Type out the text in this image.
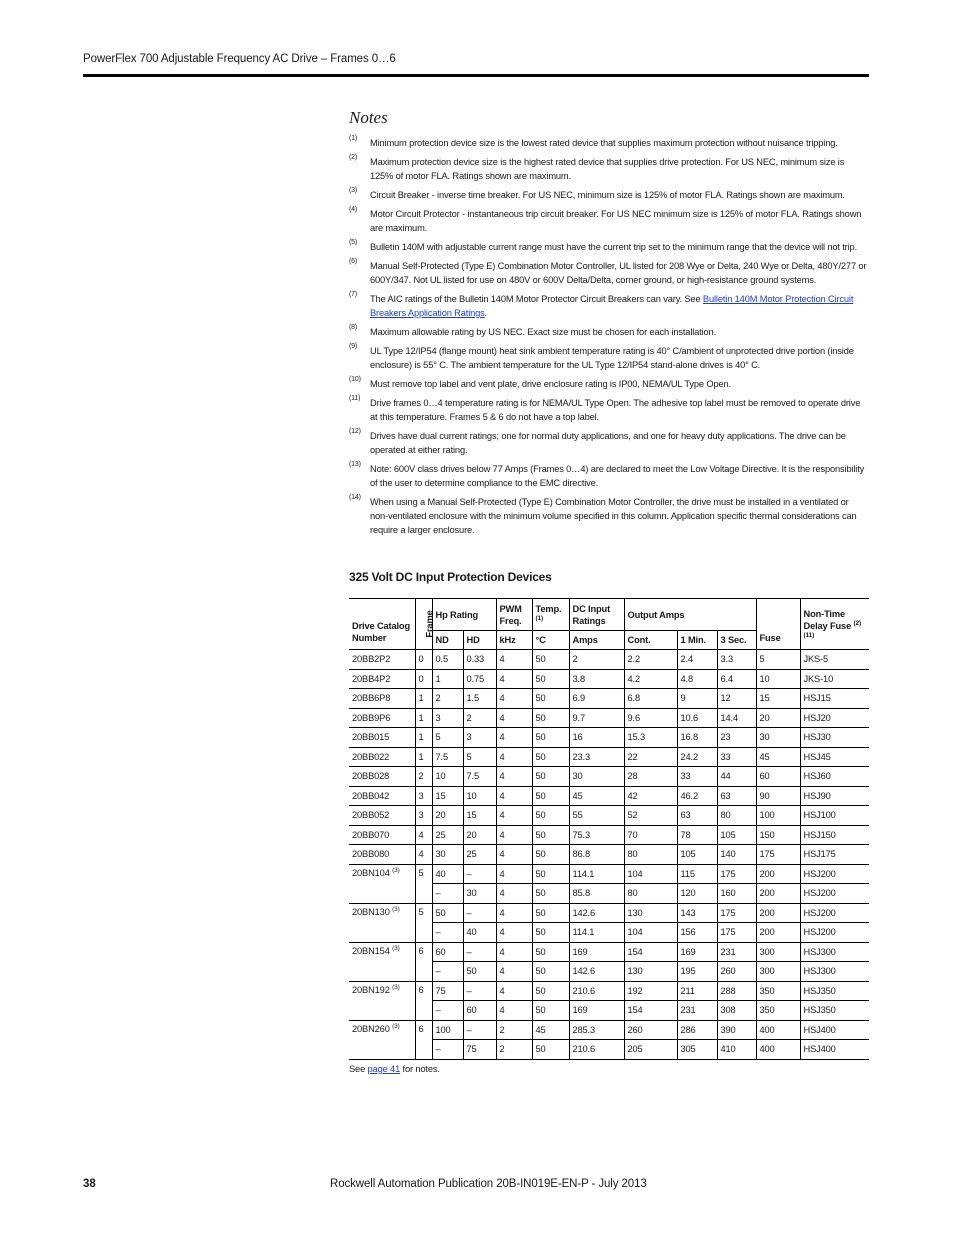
PowerFlex 700 Adjustable Frequency AC Drive – Frames 0…6
Notes
(1)	Minimum protection device size is the lowest rated device that supplies maximum protection without nuisance tripping.
(2)	Maximum protection device size is the highest rated device that supplies drive protection. For US NEC, minimum size is 125% of motor FLA. Ratings shown are maximum.
(3)	Circuit Breaker - inverse time breaker. For US NEC, minimum size is 125% of motor FLA. Ratings shown are maximum.
(4)	Motor Circuit Protector - instantaneous trip circuit breaker. For US NEC minimum size is 125% of motor FLA. Ratings shown are maximum.
(5)	Bulletin 140M with adjustable current range must have the current trip set to the minimum range that the device will not trip.
(6)	Manual Self-Protected (Type E) Combination Motor Controller, UL listed for 208 Wye or Delta, 240 Wye or Delta, 480Y/277 or 600Y/347. Not UL listed for use on 480V or 600V Delta/Delta, corner ground, or high-resistance ground systems.
(7)	The AIC ratings of the Bulletin 140M Motor Protector Circuit Breakers can vary. See Bulletin 140M Motor Protection Circuit Breakers Application Ratings.
(8)	Maximum allowable rating by US NEC. Exact size must be chosen for each installation.
(9)	UL Type 12/IP54 (flange mount) heat sink ambient temperature rating is 40° C/ambient of unprotected drive portion (inside enclosure) is 55° C. The ambient temperature for the UL Type 12/IP54 stand-alone drives is 40° C.
(10) Must remove top label and vent plate, drive enclosure rating is IP00, NEMA/UL Type Open.
(11)	Drive frames 0…4 temperature rating is for NEMA/UL Type Open. The adhesive top label must be removed to operate drive at this temperature. Frames 5 & 6 do not have a top label.
(12) Drives have dual current ratings; one for normal duty applications, and one for heavy duty applications. The drive can be operated at either rating.
(13) Note: 600V class drives below 77 Amps (Frames 0…4) are declared to meet the Low Voltage Directive. It is the responsibility of the user to determine compliance to the EMC directive.
(14) When using a Manual Self-Protected (Type E) Combination Motor Controller, the drive must be installed in a ventilated or non-ventilated enclosure with the minimum volume specified in this column. Application specific thermal considerations can require a larger enclosure.
325 Volt DC Input Protection Devices
Drive Catalog Number	Frame	Hp Rating		PWM Freq.	Temp.
$^{(1)}$	DC Input Ratings	Output Amps			Fuse	Non-Time Delay Fuse $^{(2) (11)}$
		ND	HD	kHz	°C	Amps	Cont.	1 Min.	3 Sec.		
20BB2P2	0	0.5	0.33	4	50	2	2.2	2.4	3.3	5	JKS-5
20BB4P2	0	1	0.75	4	50	3.8	4.2	4.8	6.4	10	JKS-10
20BB6P8	1	2	1.5	4	50	6.9	6.8	9	12	15	HSJ15
20BB9P6	1	3	2	4	50	9.7	9.6	10.6	14.4	20	HSJ20
20BB015	1	5	3	4	50	16	15.3	16.8	23	30	HSJ30
20BB022	1	7.5	5	4	50	23.3	22	24.2	33	45	HSJ45
20BB028	2	10	7.5	4	50	30	28	33	44	60	HSJ60
20BB042	3	15	10	4	50	45	42	46.2	63	90	HSJ90
20BB052	3	20	15	4	50	55	52	63	80	100	HSJ100
20BB070	4	25	20	4	50	75.3	70	78	105	150	HSJ150
20BB080	4	30	25	4	50	86.8	80	105	140	175	HSJ175
20BN104 $^{(3)}$	5	40	–	4	50	114.1	104	115	175	200	HSJ200
		–	30	4	50	85.8	80	120	160	200	HSJ200
20BN130 $^{(3)}$	5	50	–	4	50	142.6	130	143	175	200	HSJ200
		–	40	4	50	114.1	104	156	175	200	HSJ200
20BN154 $^{(3)}$	6	60	–	4	50	169	154	169	231	300	HSJ300
		–	50	4	50	142.6	130	195	260	300	HSJ300
20BN192 $^{(3)}$	6	75	–	4	50	210.6	192	211	288	350	HSJ350
		–	60	4	50	169	154	231	308	350	HSJ350
20BN260 $^{(3)}$	6	100	–	2	45	285.3	260	286	390	400	HSJ400
		–	75	2	50	210.6	205	305	410	400	HSJ400
See page 41 for notes.
38	Rockwell Automation Publication 20B-IN019E-EN-P - July 2013
